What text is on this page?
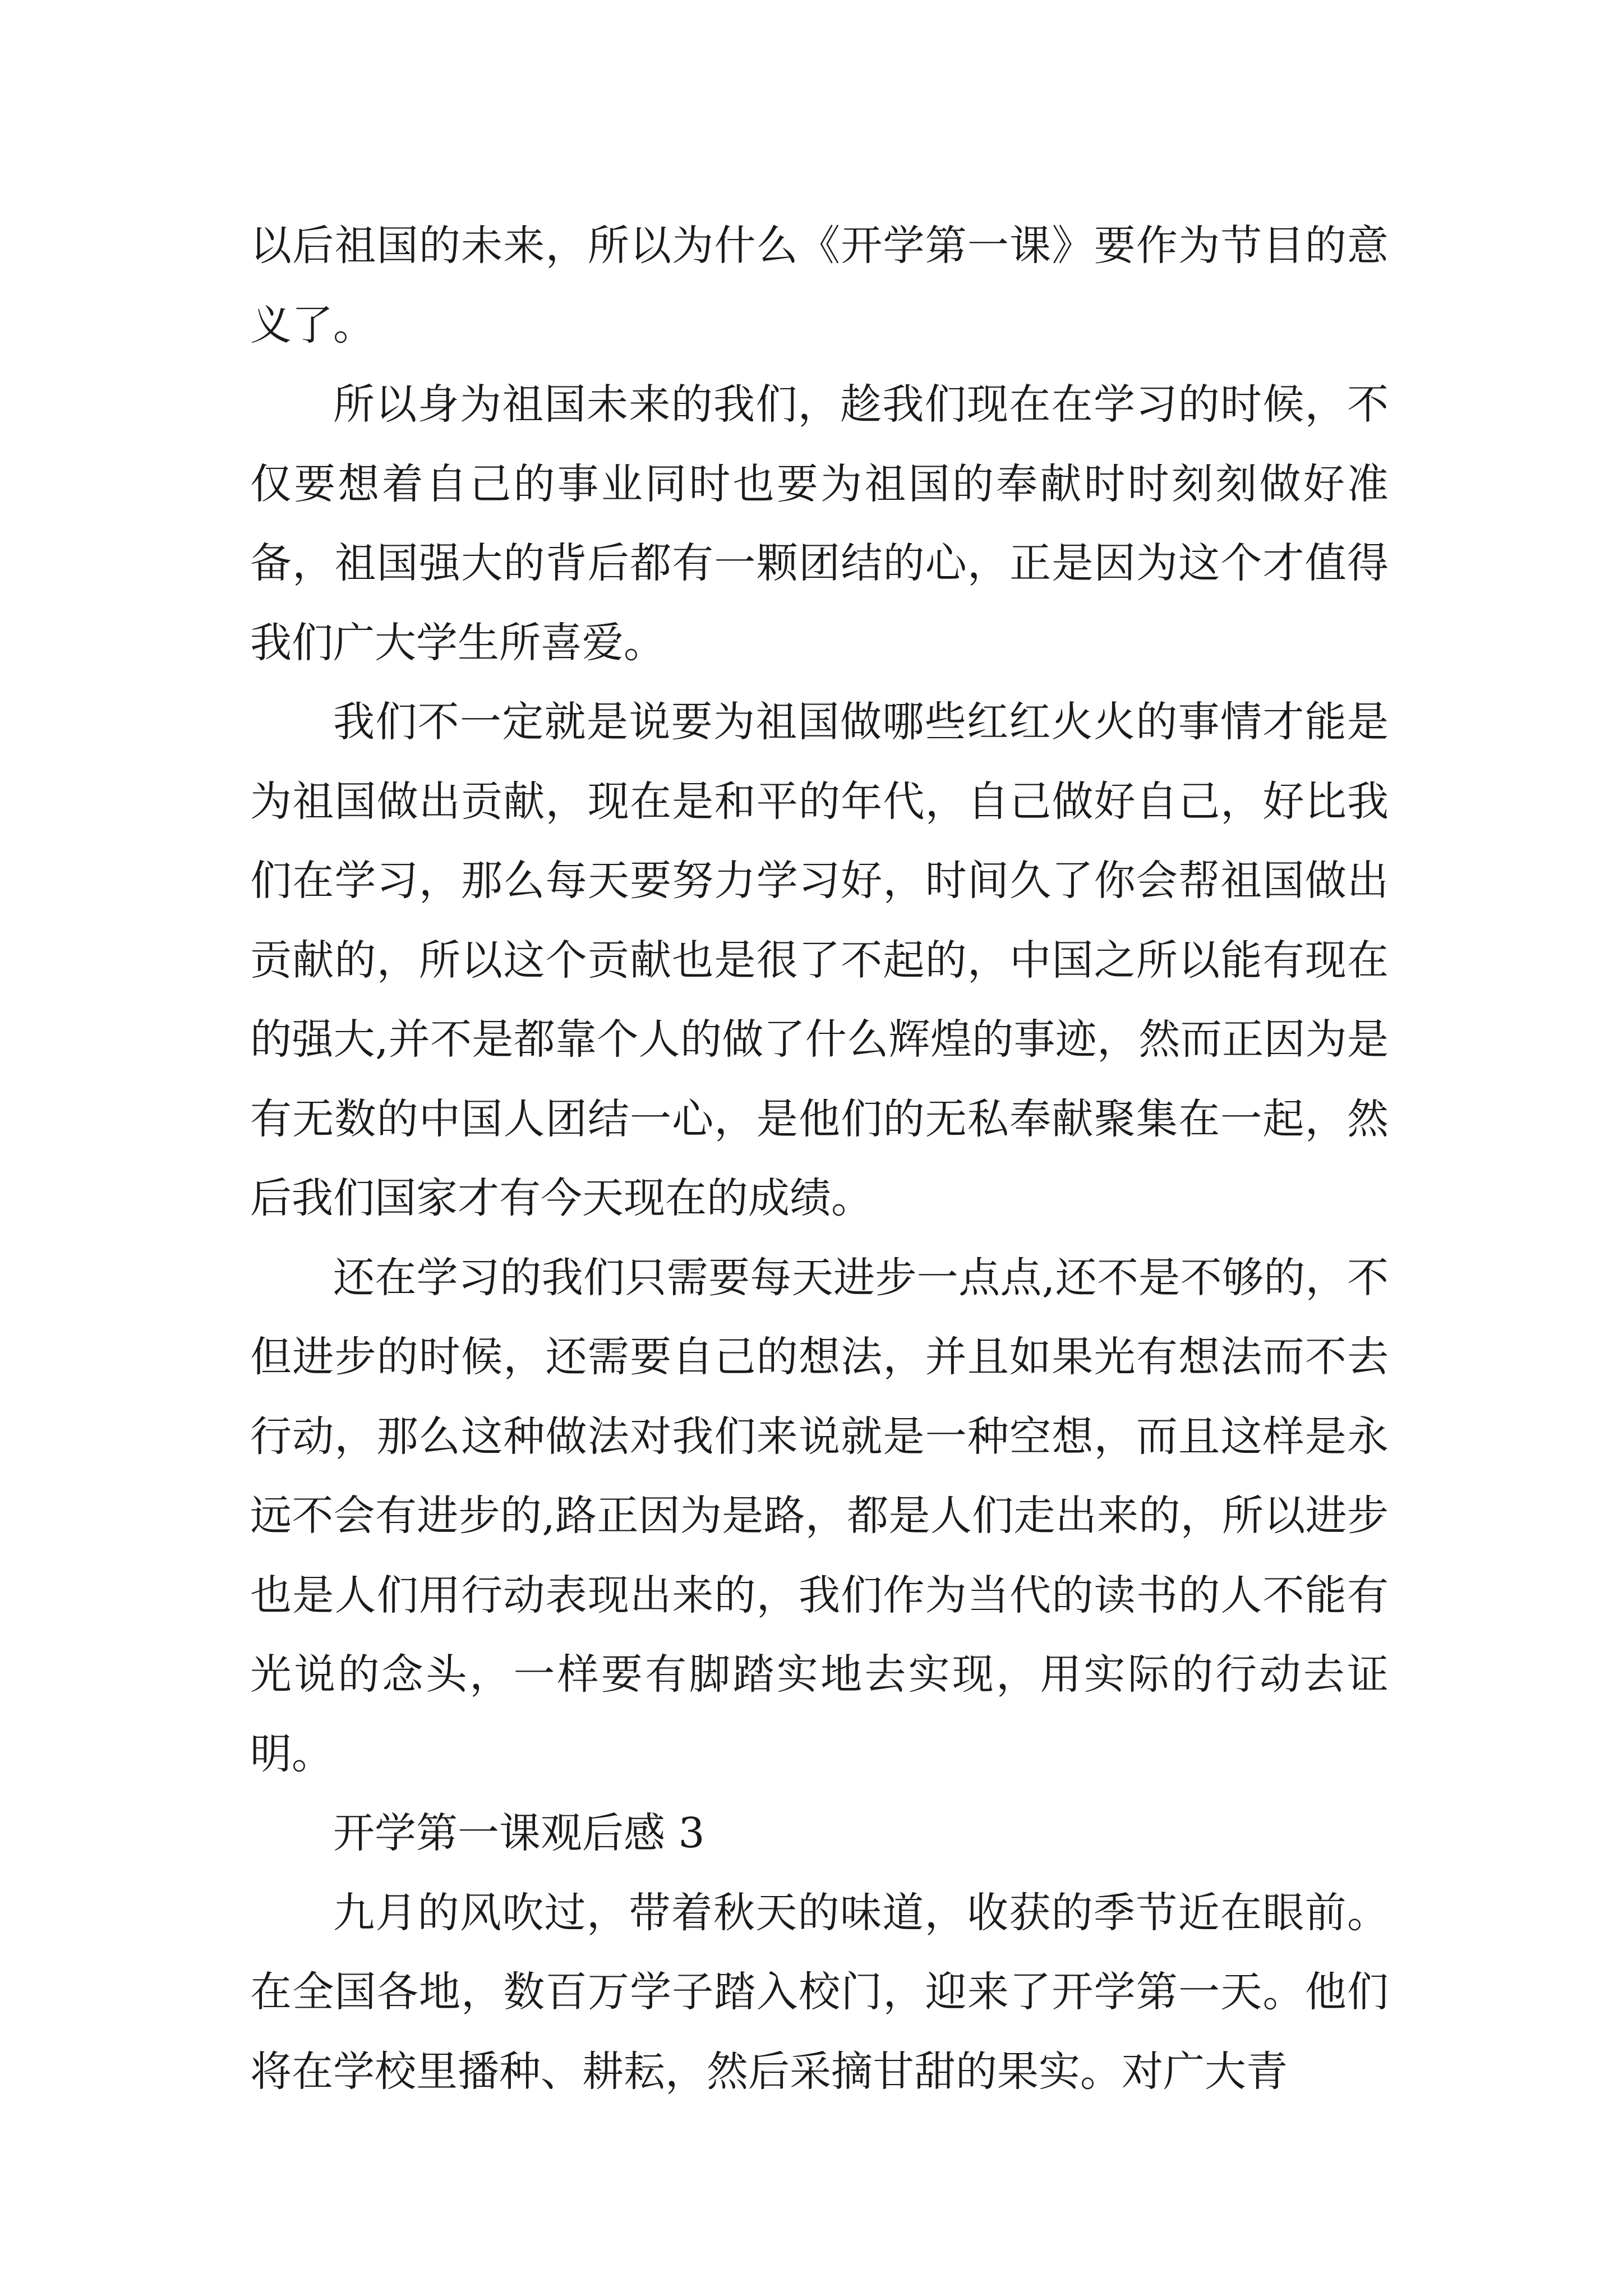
以后祖国的未来，所以为什么《开学第一课》要作为节目的意义了。

所以身为祖国未来的我们，趁我们现在在学习的时候，不仅要想着自己的事业同时也要为祖国的奉献时时刻刻做好准备，祖国强大的背后都有一颗团结的心，正是因为这个才值得我们广大学生所喜爱。

我们不一定就是说要为祖国做哪些红红火火的事情才能是为祖国做出贡献，现在是和平的年代，自己做好自己，好比我们在学习，那么每天要努力学习好，时间久了你会帮祖国做出贡献的，所以这个贡献也是很了不起的，中国之所以能有现在的强大,并不是都靠个人的做了什么辉煌的事迹，然而正因为是有无数的中国人团结一心，是他们的无私奉献聚集在一起，然后我们国家才有今天现在的成绩。

还在学习的我们只需要每天进步一点点,还不是不够的，不但进步的时候，还需要自己的想法，并且如果光有想法而不去行动，那么这种做法对我们来说就是一种空想，而且这样是永远不会有进步的,路正因为是路，都是人们走出来的，所以进步也是人们用行动表现出来的，我们作为当代的读书的人不能有光说的念头，一样要有脚踏实地去实现，用实际的行动去证明。

开学第一课观后感 3

九月的风吹过，带着秋天的味道，收获的季节近在眼前。在全国各地，数百万学子踏入校门，迎来了开学第一天。他们将在学校里播种、耕耘，然后采摘甘甜的果实。对广大青
